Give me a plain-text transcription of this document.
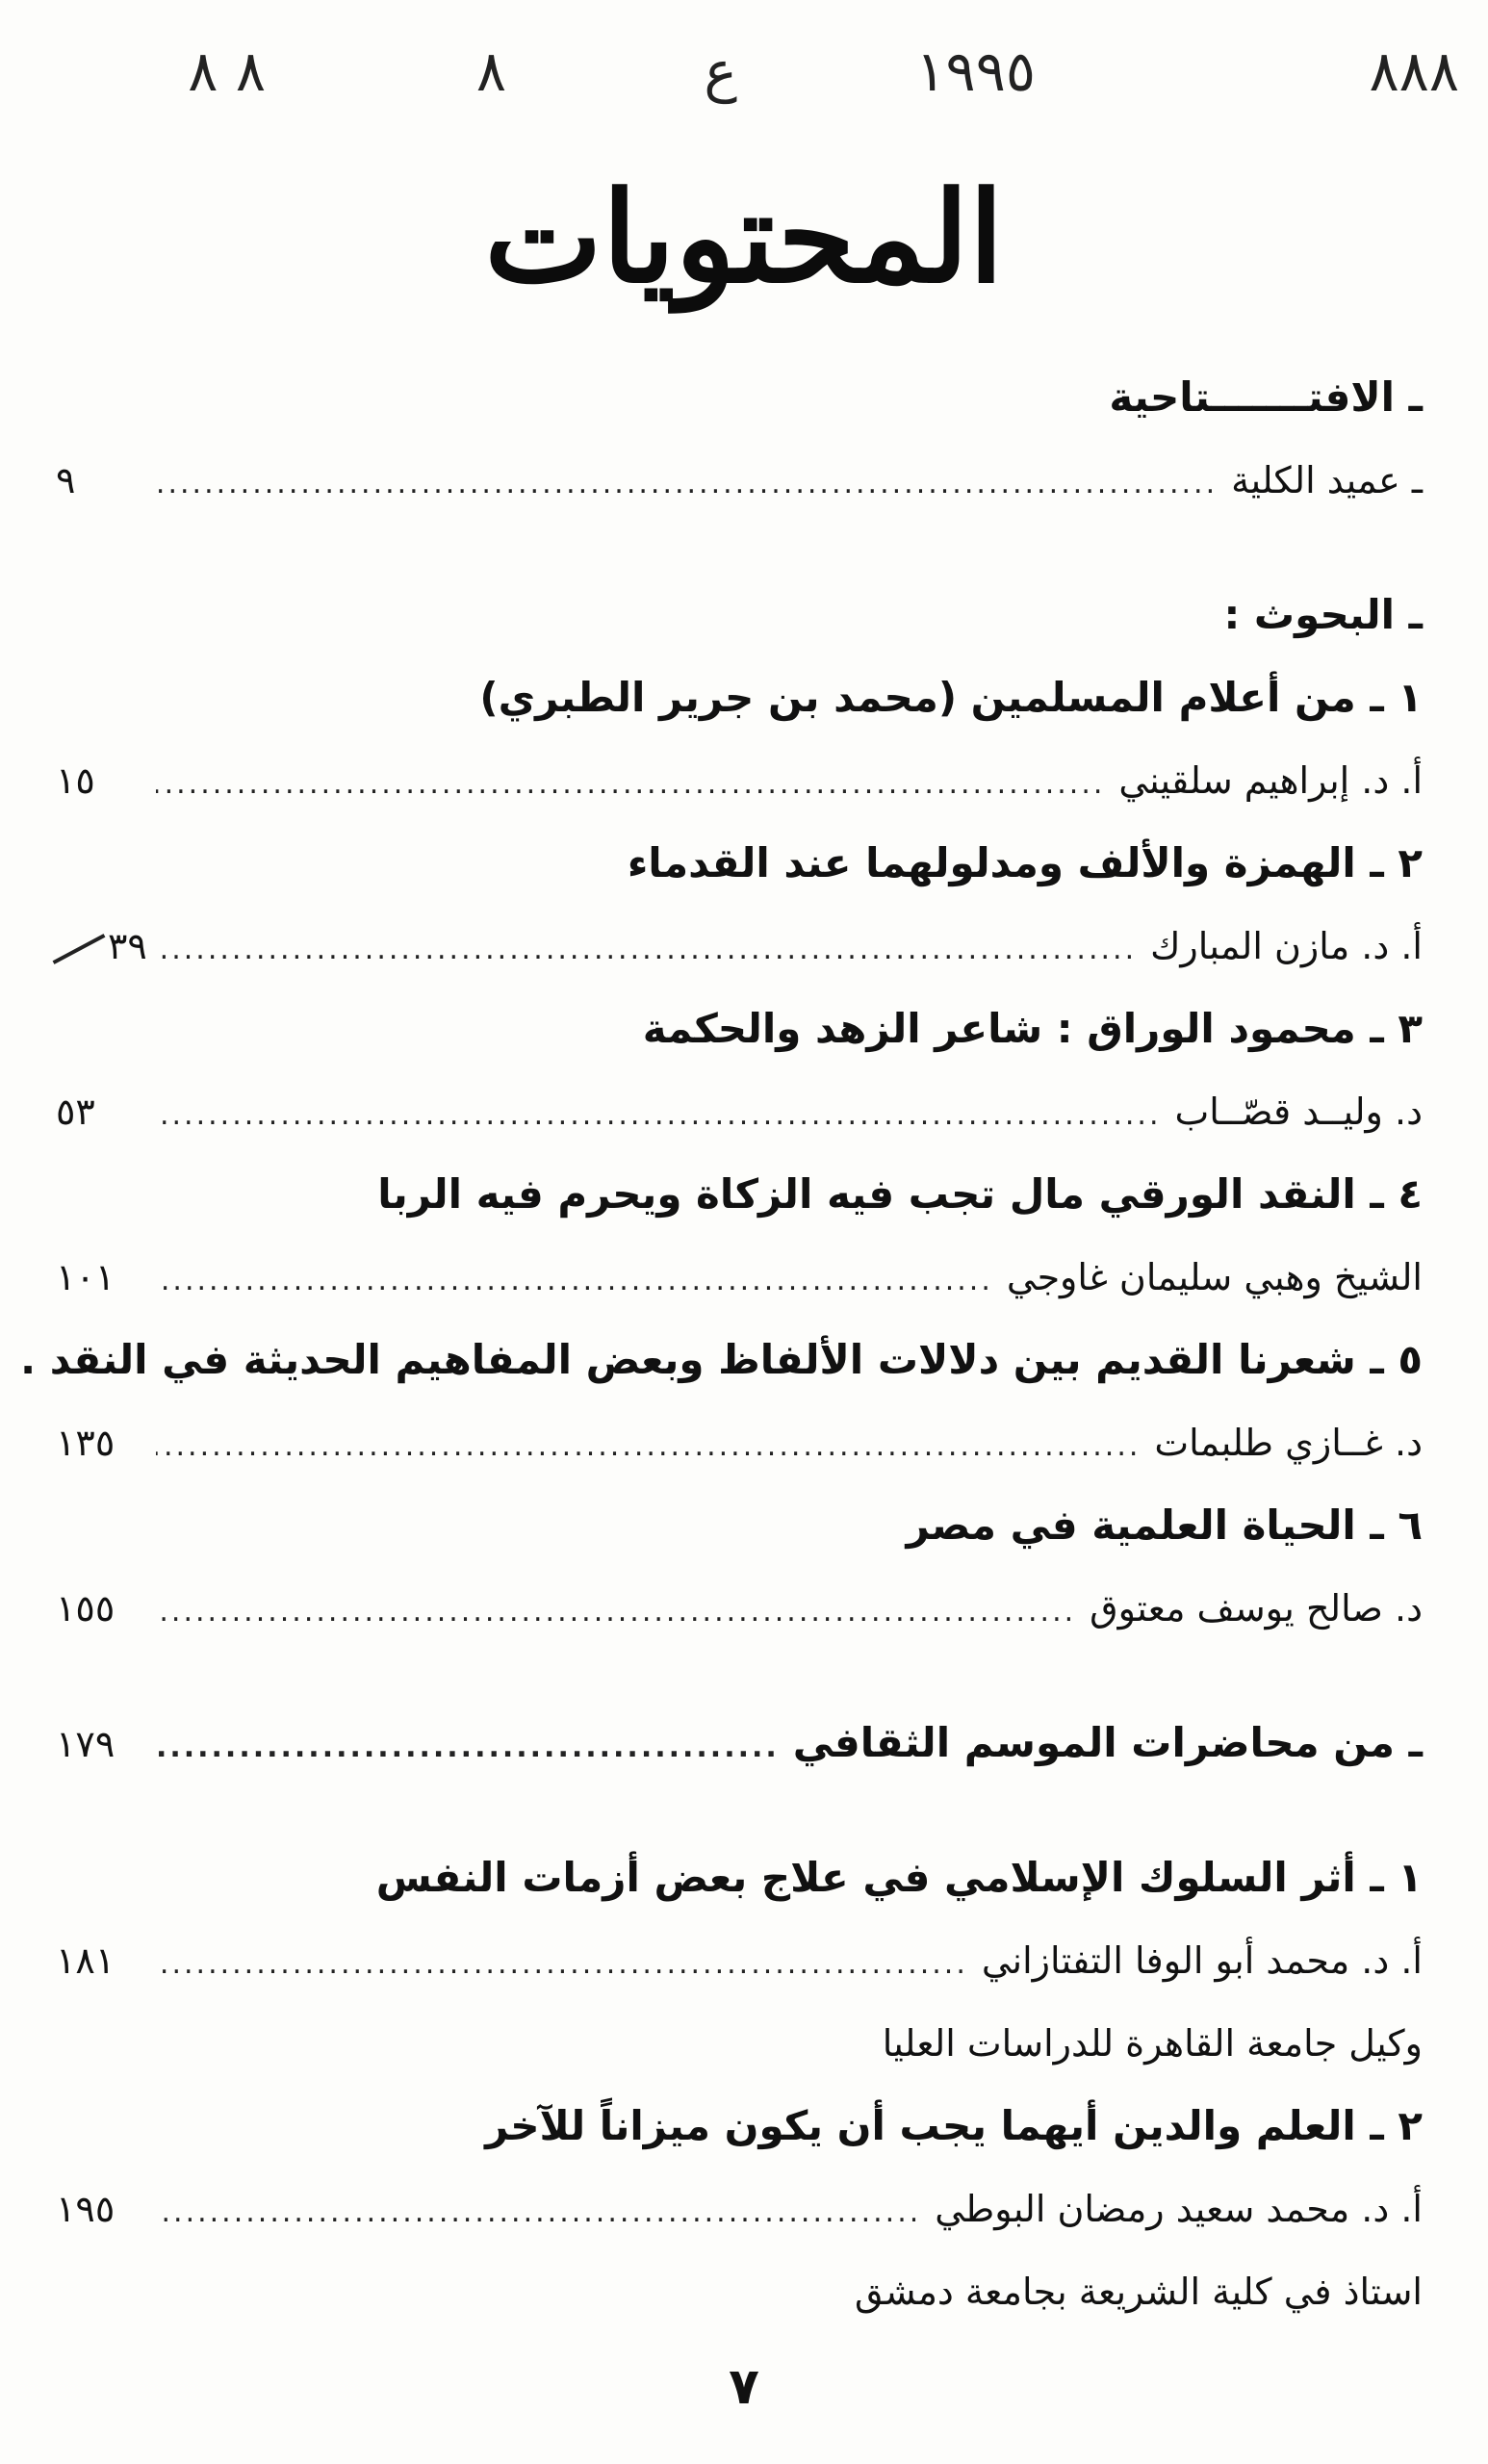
٨٨٨
١٩٩٥
ع
٨
٨ ٨
المحتويات
ـ الافتـــــــتاحية
ـ عميد الكلية
.....
٩
ـ البحوث :
١ ـ من أعلام المسلمين (محمد بن جرير الطبري)
أ. د. إبراهيم سلقيني
.....
١٥
٢ ـ الهمزة والألف ومدلولهما عند القدماء
أ. د. مازن المبارك
.....
٣٩
٣ ـ محمود الوراق : شاعر الزهد والحكمة
د. وليــد قصّــاب
.....
٥٣
٤ ـ النقد الورقي مال تجب فيه الزكاة ويحرم فيه الربا
الشيخ وهبي سليمان غاوجي
.....
١٠١
٥ ـ شعرنا القديم بين دلالات الألفاظ وبعض المفاهيم الحديثة في النقد .
د. غــازي طلبمات
.....
١٣٥
٦ ـ الحياة العلمية في مصر
د. صالح يوسف معتوق
.....
١٥٥
ـ من محاضرات الموسم الثقافي
.....
١٧٩
١ ـ أثر السلوك الإسلامي في علاج بعض أزمات النفس
أ. د. محمد أبو الوفا التفتازاني
.....
١٨١
وكيل جامعة القاهرة للدراسات العليا
٢ ـ العلم والدين أيهما يجب أن يكون ميزاناً للآخر
أ. د. محمد سعيد رمضان البوطي
.....
١٩٥
استاذ في كلية الشريعة بجامعة دمشق
٧
